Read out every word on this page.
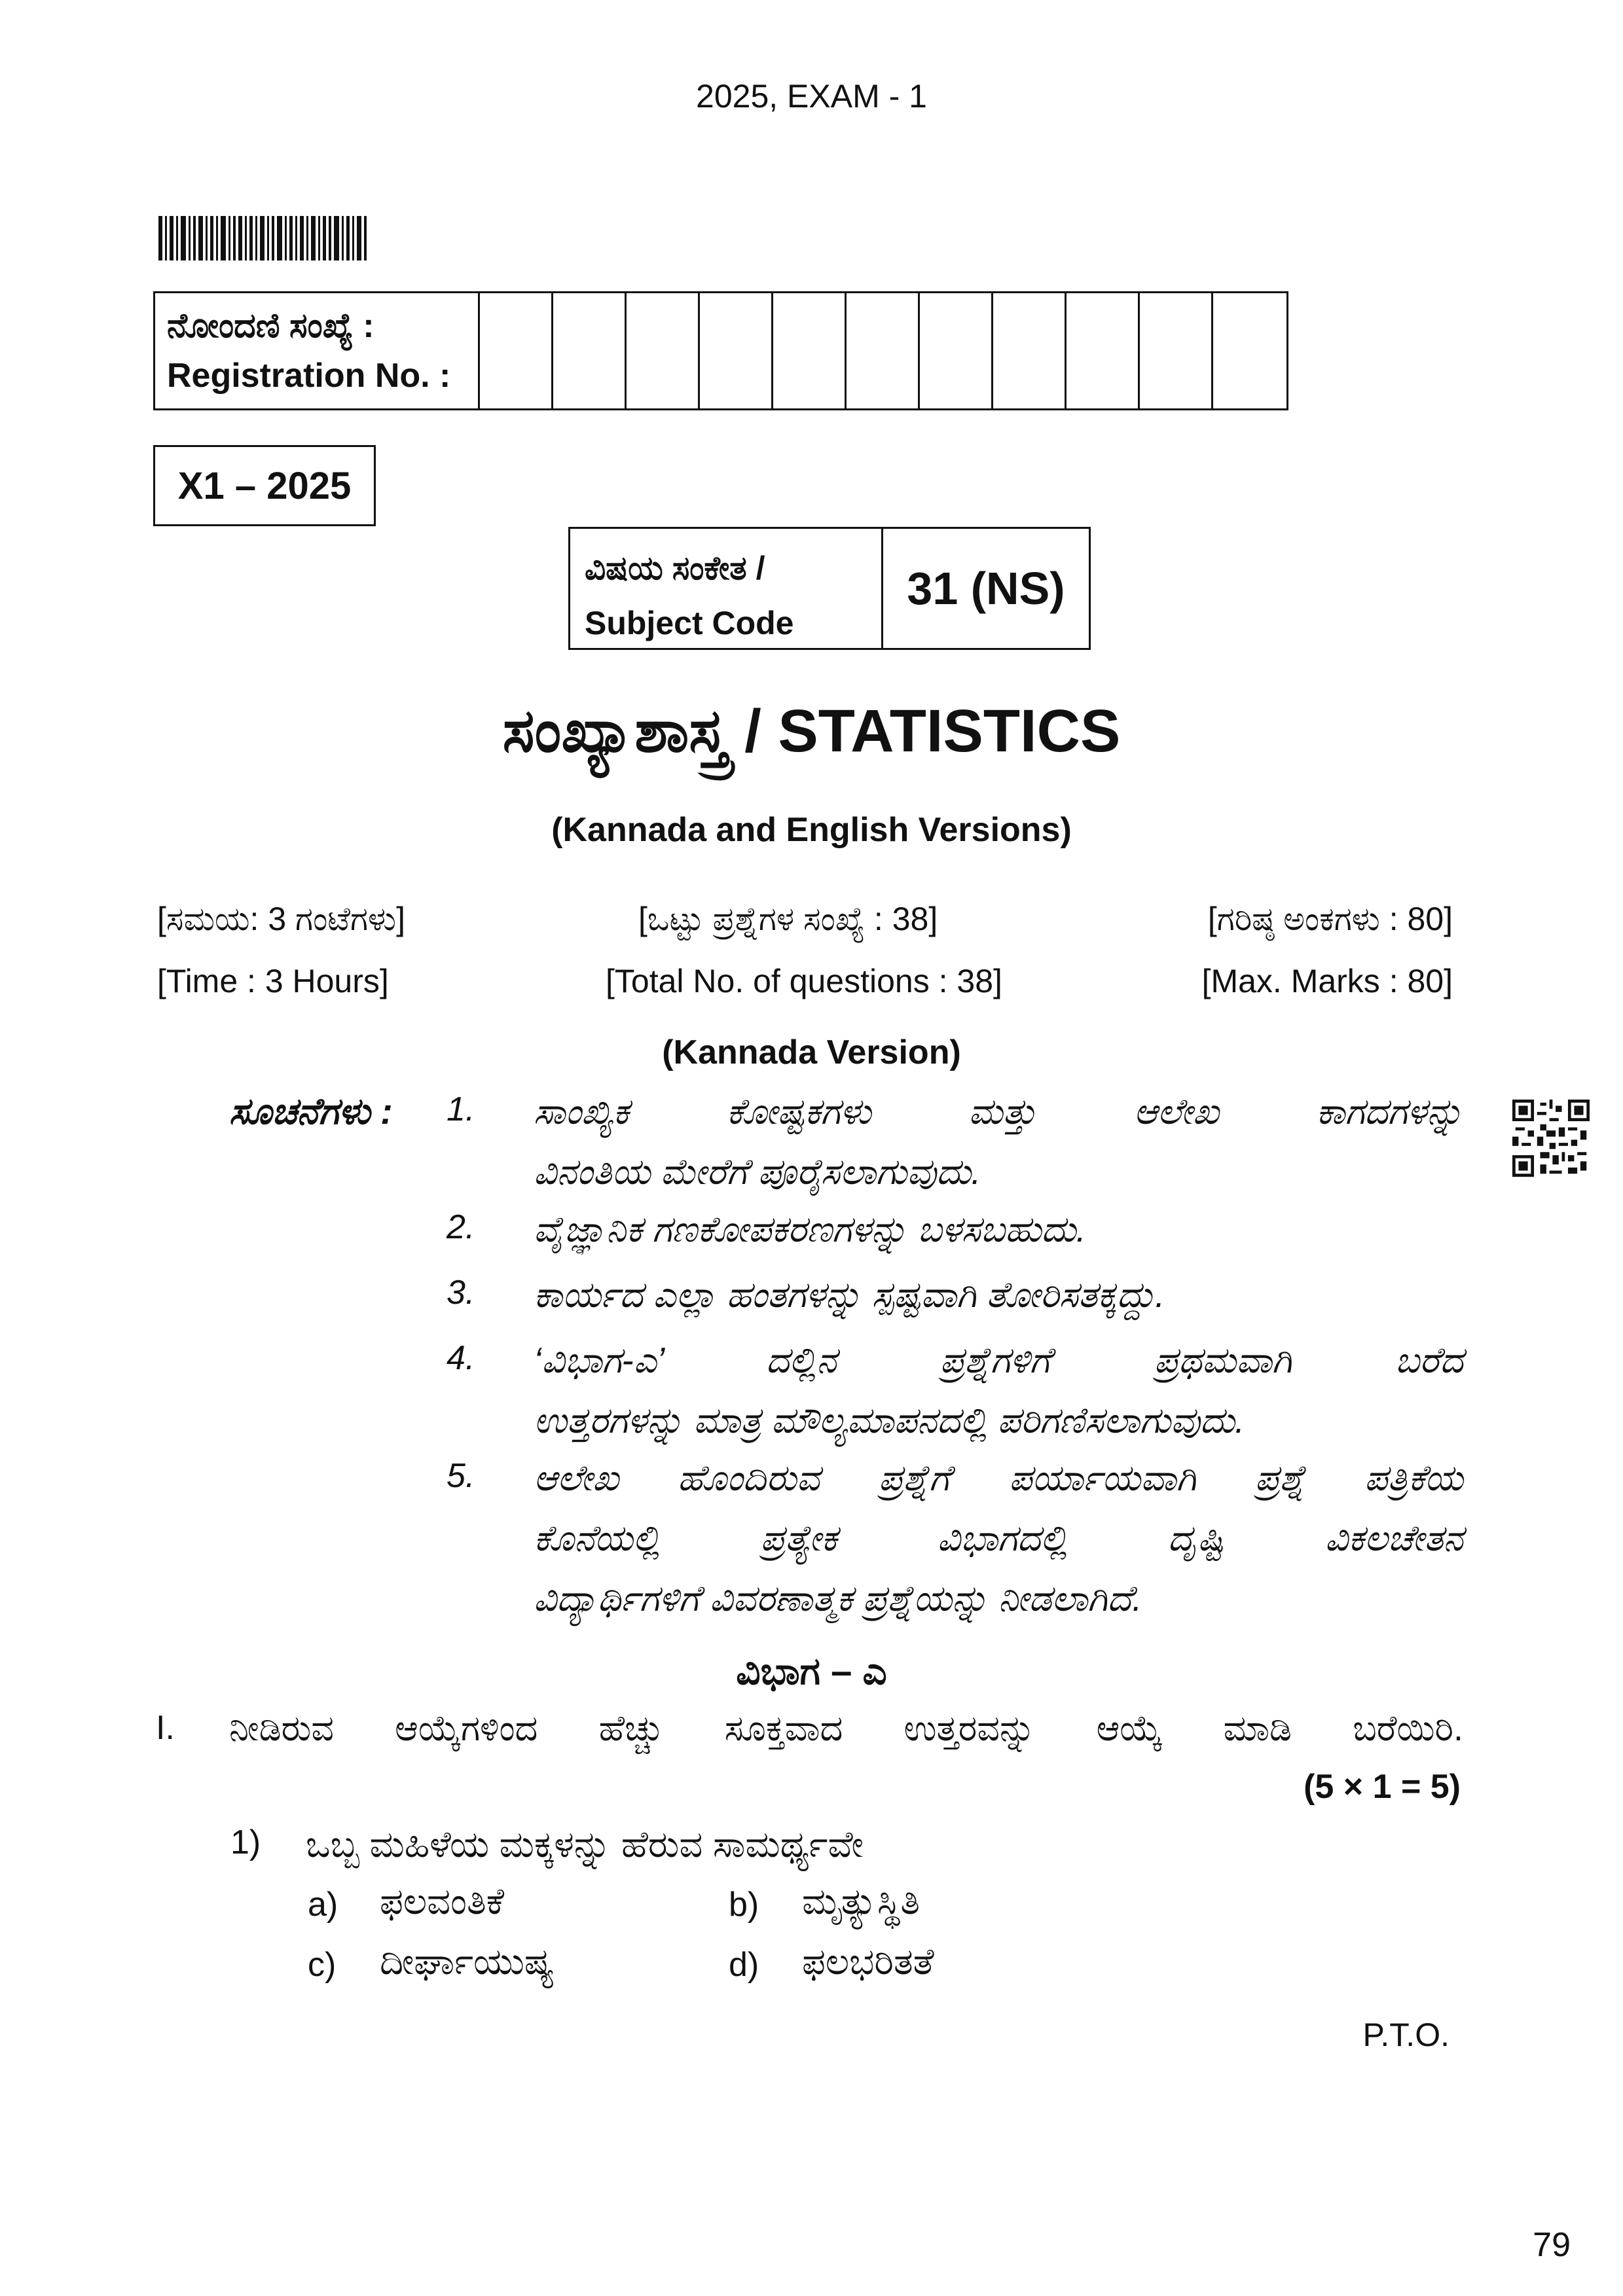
2025, EXAM - 1
ನೋಂದಣಿ ಸಂಖ್ಯೆ :
Registration No. :
X1 – 2025
ವಿಷಯ ಸಂಕೇತ /
Subject Code
31 (NS)
ಸಂಖ್ಯಾಶಾಸ್ತ್ರ / STATISTICS
(Kannada and English Versions)
[ಸಮಯ: 3 ಗಂಟೆಗಳು]	[ಒಟ್ಟು ಪ್ರಶ್ನೆಗಳ ಸಂಖ್ಯೆ : 38]	[ಗರಿಷ್ಠ ಅಂಕಗಳು : 80]
[Time : 3 Hours]	[Total No. of questions : 38]	[Max. Marks : 80]
(Kannada Version)
ಸೂಚನೆಗಳು : 1. ಸಾಂಖ್ಯಿಕ ಕೋಷ್ಟಕಗಳು ಮತ್ತು ಆಲೇಖ ಕಾಗದಗಳನ್ನು
ವಿನಂತಿಯ ಮೇರೆಗೆ ಪೂರೈಸಲಾಗುವುದು.
2. ವೈಜ್ಞಾನಿಕ ಗಣಕೋಪಕರಣಗಳನ್ನು ಬಳಸಬಹುದು.
3. ಕಾರ್ಯದ ಎಲ್ಲಾ ಹಂತಗಳನ್ನು ಸ್ಪಷ್ಟವಾಗಿ ತೋರಿಸತಕ್ಕದ್ದು.
4. ‘ವಿಭಾಗ-ಎ’ ದಲ್ಲಿನ ಪ್ರಶ್ನೆಗಳಿಗೆ ಪ್ರಥಮವಾಗಿ ಬರೆದ
ಉತ್ತರಗಳನ್ನು ಮಾತ್ರ ಮೌಲ್ಯಮಾಪನದಲ್ಲಿ ಪರಿಗಣಿಸಲಾಗುವುದು.
5. ಆಲೇಖ ಹೊಂದಿರುವ ಪ್ರಶ್ನೆಗೆ ಪರ್ಯಾಯವಾಗಿ ಪ್ರಶ್ನೆ ಪತ್ರಿಕೆಯ
ಕೊನೆಯಲ್ಲಿ ಪ್ರತ್ಯೇಕ ವಿಭಾಗದಲ್ಲಿ ದೃಷ್ಟಿ ವಿಕಲಚೇತನ
ವಿದ್ಯಾರ್ಥಿಗಳಿಗೆ ವಿವರಣಾತ್ಮಕ ಪ್ರಶ್ನೆಯನ್ನು ನೀಡಲಾಗಿದೆ.
ವಿಭಾಗ – ಎ
I. ನೀಡಿರುವ ಆಯ್ಕೆಗಳಿಂದ ಹೆಚ್ಚು ಸೂಕ್ತವಾದ ಉತ್ತರವನ್ನು ಆಯ್ಕೆ ಮಾಡಿ ಬರೆಯಿರಿ.
(5 × 1 = 5)
1) ಒಬ್ಬ ಮಹಿಳೆಯ ಮಕ್ಕಳನ್ನು ಹೆರುವ ಸಾಮರ್ಥ್ಯವೇ
a) ಫಲವಂತಿಕೆ	b) ಮೃತ್ಯುಸ್ಥಿತಿ
c) ದೀರ್ಘಾಯುಷ್ಯ	d) ಫಲಭರಿತತೆ
P.T.O.
79
